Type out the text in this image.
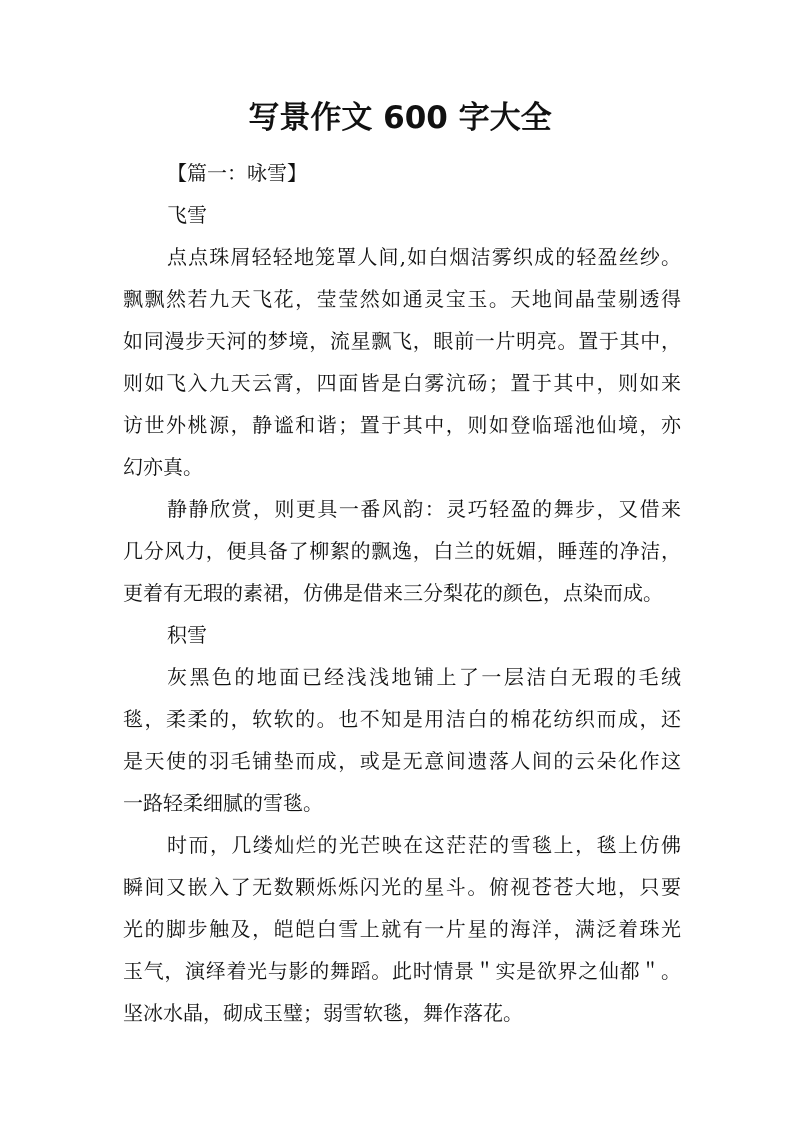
写景作文 600 字大全
【篇一：咏雪】
飞雪
点点珠屑轻轻地笼罩人间,如白烟洁雾织成的轻盈丝纱。
飘飘然若九天飞花，莹莹然如通灵宝玉。天地间晶莹剔透得
如同漫步天河的梦境，流星飘飞，眼前一片明亮。置于其中，
则如飞入九天云霄，四面皆是白雾沆砀；置于其中，则如来
访世外桃源，静谧和谐；置于其中，则如登临瑶池仙境，亦
幻亦真。
静静欣赏，则更具一番风韵：灵巧轻盈的舞步，又借来
几分风力，便具备了柳絮的飘逸，白兰的妩媚，睡莲的净洁，
更着有无瑕的素裙，仿佛是借来三分梨花的颜色，点染而成。
积雪
灰黑色的地面已经浅浅地铺上了一层洁白无瑕的毛绒
毯，柔柔的，软软的。也不知是用洁白的棉花纺织而成，还
是天使的羽毛铺垫而成，或是无意间遗落人间的云朵化作这
一路轻柔细腻的雪毯。
时而，几缕灿烂的光芒映在这茫茫的雪毯上，毯上仿佛
瞬间又嵌入了无数颗烁烁闪光的星斗。俯视苍苍大地，只要
光的脚步触及，皑皑白雪上就有一片星的海洋，满泛着珠光
玉气，演绎着光与影的舞蹈。此时情景＂实是欲界之仙都＂。
坚冰水晶，砌成玉璧；弱雪软毯，舞作落花。
